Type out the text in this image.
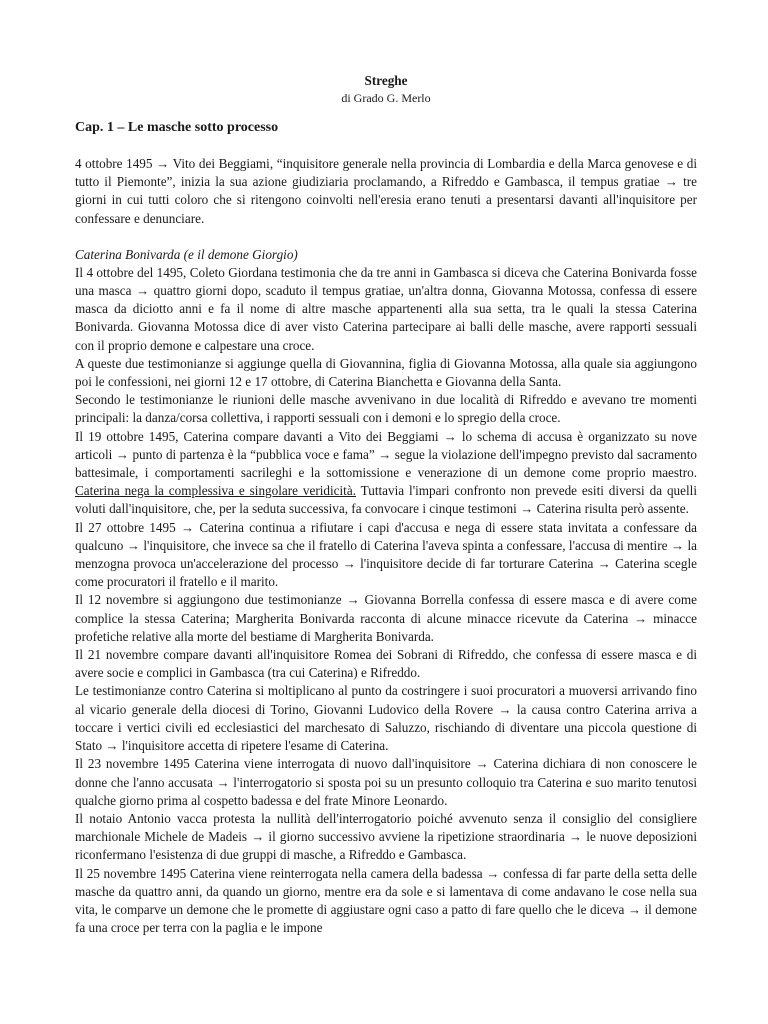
Streghe

di Grado G. Merlo

Cap. 1 – Le masche sotto processo

4 ottobre 1495 → Vito dei Beggiami, “inquisitore generale nella provincia di Lombardia e della Marca genovese e di tutto il Piemonte”, inizia la sua azione giudiziaria proclamando, a Rifreddo e Gambasca, il tempus gratiae → tre giorni in cui tutti coloro che si ritengono coinvolti nell'eresia erano tenuti a presentarsi davanti all'inquisitore per confessare e denunciare.

Caterina Bonivarda (e il demone Giorgio)

Il 4 ottobre del 1495, Coleto Giordana testimonia che da tre anni in Gambasca si diceva che Caterina Bonivarda fosse una masca → quattro giorni dopo, scaduto il tempus gratiae, un'altra donna, Giovanna Motossa, confessa di essere masca da diciotto anni e fa il nome di altre masche appartenenti alla sua setta, tra le quali la stessa Caterina Bonivarda. Giovanna Motossa dice di aver visto Caterina partecipare ai balli delle masche, avere rapporti sessuali con il proprio demone e calpestare una croce.

A queste due testimonianze si aggiunge quella di Giovannina, figlia di Giovanna Motossa, alla quale sia aggiungono poi le confessioni, nei giorni 12 e 17 ottobre, di Caterina Bianchetta e Giovanna della Santa.

Secondo le testimonianze le riunioni delle masche avvenivano in due località di Rifreddo e avevano tre momenti principali: la danza/corsa collettiva, i rapporti sessuali con i demoni e lo spregio della croce.

Il 19 ottobre 1495, Caterina compare davanti a Vito dei Beggiami → lo schema di accusa è organizzato su nove articoli → punto di partenza è la “pubblica voce e fama” → segue la violazione dell'impegno previsto dal sacramento battesimale, i comportamenti sacrileghi e la sottomissione e venerazione di un demone come proprio maestro. Caterina nega la complessiva e singolare veridicità. Tuttavia l'impari confronto non prevede esiti diversi da quelli voluti dall'inquisitore, che, per la seduta successiva, fa convocare i cinque testimoni → Caterina risulta però assente.

Il 27 ottobre 1495 → Caterina continua a rifiutare i capi d'accusa e nega di essere stata invitata a confessare da qualcuno → l'inquisitore, che invece sa che il fratello di Caterina l'aveva spinta a confessare, l'accusa di mentire → la menzogna provoca un'accelerazione del processo → l'inquisitore decide di far torturare Caterina → Caterina scegle come procuratori il fratello e il marito.

Il 12 novembre si aggiungono due testimonianze → Giovanna Borrella confessa di essere masca e di avere come complice la stessa Caterina; Margherita Bonivarda racconta di alcune minacce ricevute da Caterina → minacce profetiche relative alla morte del bestiame di Margherita Bonivarda.

Il 21 novembre compare davanti all'inquisitore Romea dei Sobrani di Rifreddo, che confessa di essere masca e di avere socie e complici in Gambasca (tra cui Caterina) e Rifreddo.

Le testimonianze contro Caterina si moltiplicano al punto da costringere i suoi procuratori a muoversi arrivando fino al vicario generale della diocesi di Torino, Giovanni Ludovico della Rovere → la causa contro Caterina arriva a toccare i vertici civili ed ecclesiastici del marchesato di Saluzzo, rischiando di diventare una piccola questione di Stato → l'inquisitore accetta di ripetere l'esame di Caterina.

Il 23 novembre 1495 Caterina viene interrogata di nuovo dall'inquisitore → Caterina dichiara di non conoscere le donne che l'anno accusata → l'interrogatorio si sposta poi su un presunto colloquio tra Caterina e suo marito tenutosi qualche giorno prima al cospetto badessa e del frate Minore Leonardo.

Il notaio Antonio vacca protesta la nullità dell'interrogatorio poiché avvenuto senza il consiglio del consigliere marchionale Michele de Madeis → il giorno successivo avviene la ripetizione straordinaria → le nuove deposizioni riconfermano l'esistenza di due gruppi di masche, a Rifreddo e Gambasca.

Il 25 novembre 1495 Caterina viene reinterrogata nella camera della badessa → confessa di far parte della setta delle masche da quattro anni, da quando un giorno, mentre era da sole e si lamentava di come andavano le cose nella sua vita, le comparve un demone che le promette di aggiustare ogni caso a patto di fare quello che le diceva → il demone fa una croce per terra con la paglia e le impone
